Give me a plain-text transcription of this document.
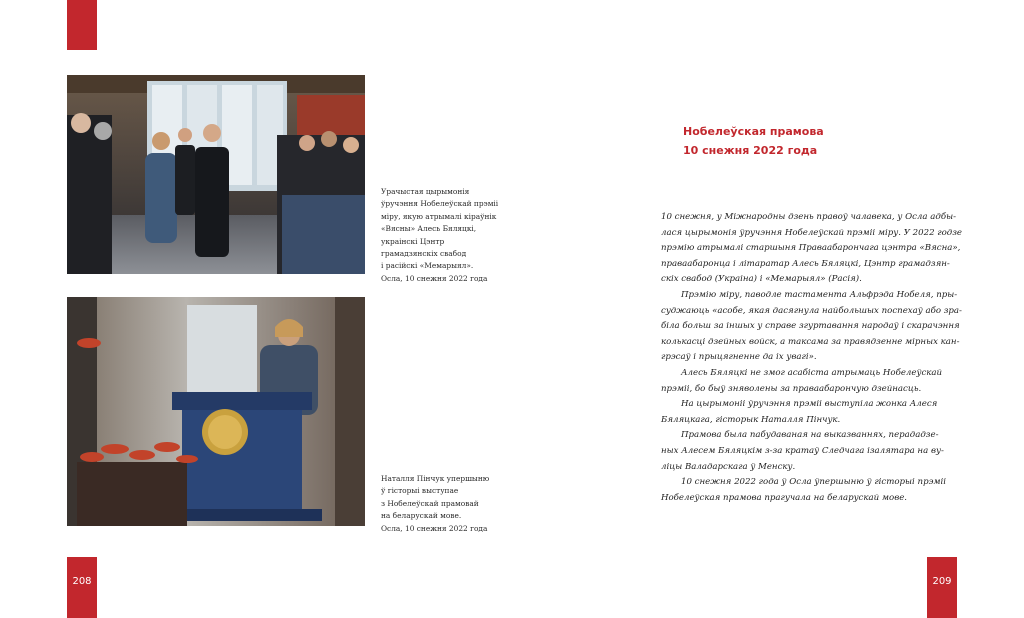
208	209
Урачыстая цырымонія
ўручэння Нобелеўскай прэміі
міру, якую атрымалі кіраўнік
«Вясны» Алесь Бяляцкі,
украінскі Цэнтр
грамадзянскіх свабод
і расійскі «Мемарыял».
Осла, 10 снежня 2022 года
Наталля Пінчук упершыню
ў гісторыі выступае
з Нобелеўскай прамовай
на беларускай мове.
Осла, 10 снежня 2022 года
Нобелеўская прамова
10 снежня 2022 года
10 снежня, у Міжнародны дзень правоў чалавека, у Осла адбы-
лася цырымонія ўручэння Нобелеўскай прэміі міру. У 2022 годзе
прэмію атрымалі старшыня Праваабарончага цэнтра «Вясна»,
праваабаронца і літаратар Алесь Бяляцкі, Цэнтр грамадзян-
скіх свабод (Украіна) і «Мемарыял» (Расія).
Прэмію міру, паводле тастамента Альфрэда Нобеля, пры-
суджаюць «асобе, якая дасягнула найбольшых поспехаў або зра-
біла больш за іншых у справе згуртавання народаў і скарачэння
колькасці дзейных войск, а таксама за правядзенне мірных кан-
грэсаў і прыцягненне да іх увагі».
Алесь Бяляцкі не змог асабіста атрымаць Нобелеўскай
прэміі, бо быў зняволены за праваабарончую дзейнасць.
На цырымоніі ўручэння прэміі выступіла жонка Алеся
Бяляцкага, гісторык Наталля Пінчук.
Прамова была пабудаваная на выказваннях, перададзе-
ных Алесем Бяляцкім з-за кратаў Следчага ізалятара на ву-
ліцы Валадарскага ў Менску.
10 снежня 2022 года ў Осла ўпершыню ў гісторыі прэміі
Нобелеўская прамова прагучала на беларускай мове.
